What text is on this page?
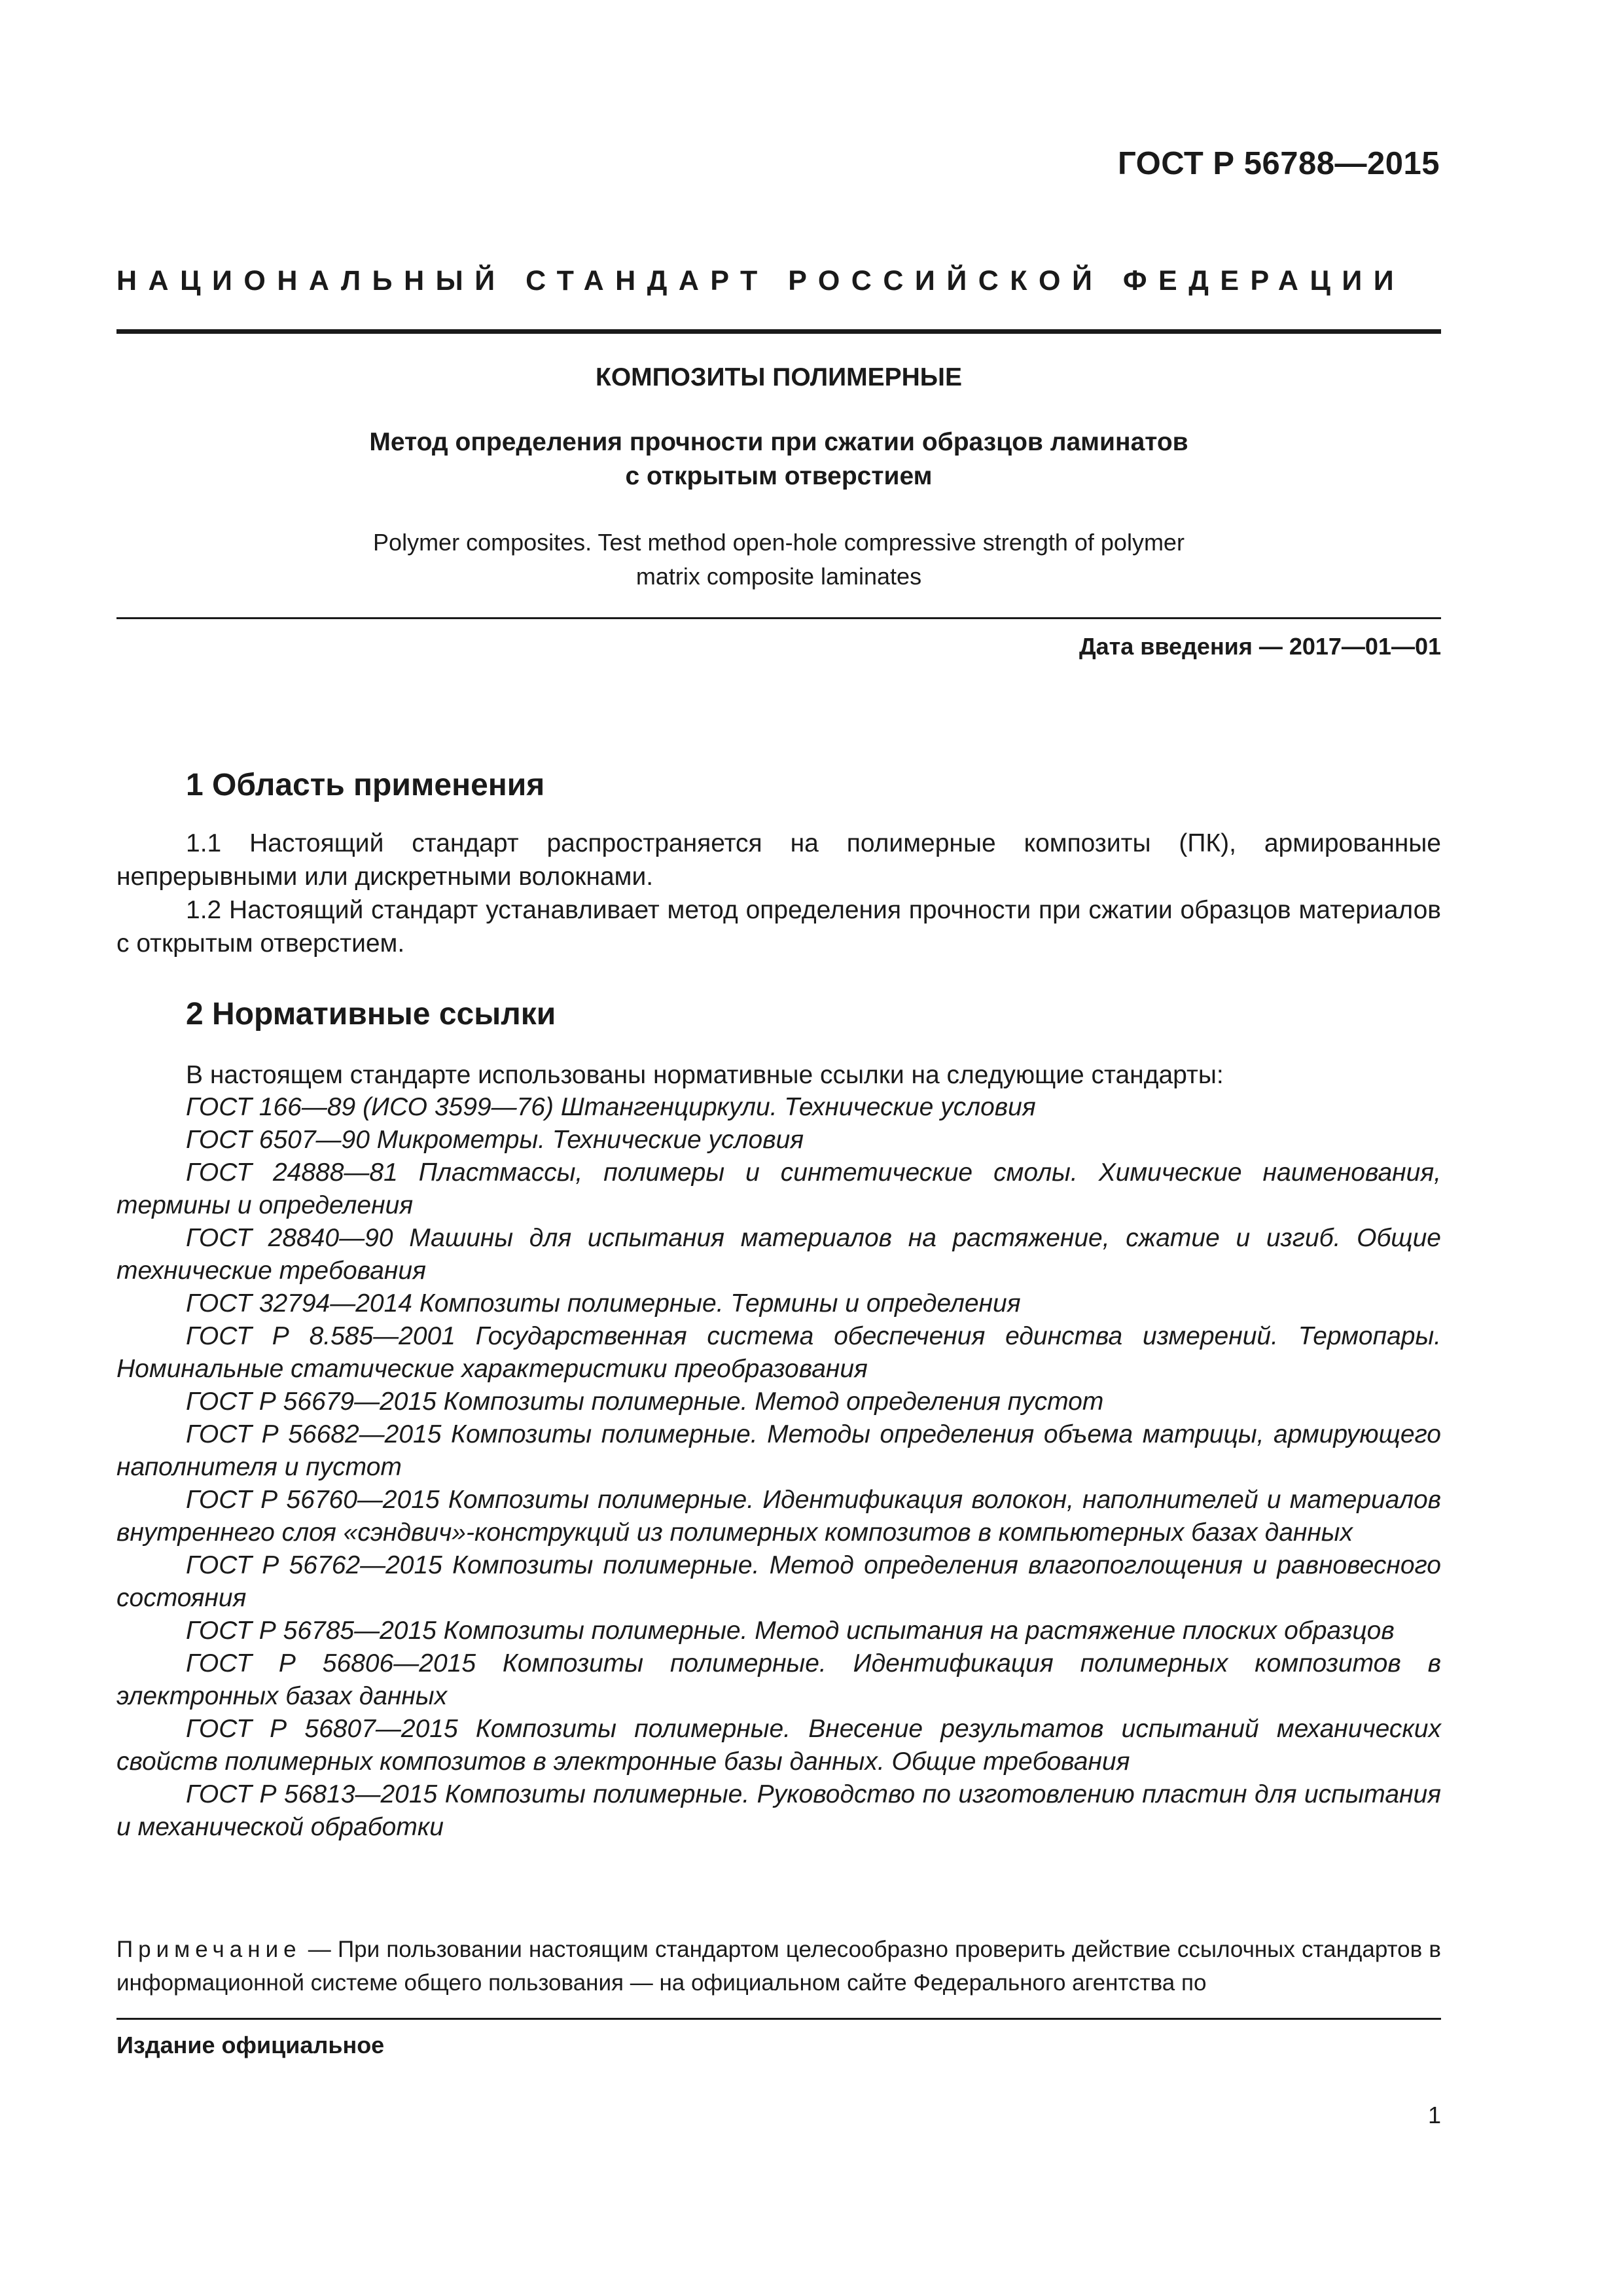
ГОСТ Р 56788—2015
НАЦИОНАЛЬНЫЙ СТАНДАРТ РОССИЙСКОЙ ФЕДЕРАЦИИ
КОМПОЗИТЫ ПОЛИМЕРНЫЕ
Метод определения прочности при сжатии образцов ламинатов
с открытым отверстием
Polymer composites. Test method open-hole compressive strength of polymer
matrix composite laminates
Дата введения — 2017—01—01
1 Область применения

1.1 Настоящий стандарт распространяется на полимерные композиты (ПК), армированные непрерывными или дискретными волокнами.

1.2 Настоящий стандарт устанавливает метод определения прочности при сжатии образцов материалов с открытым отверстием.

2 Нормативные ссылки

В настоящем стандарте использованы нормативные ссылки на следующие стандарты:

ГОСТ 166—89 (ИСО 3599—76) Штангенциркули. Технические условия

ГОСТ 6507—90 Микрометры. Технические условия

ГОСТ 24888—81 Пластмассы, полимеры и синтетические смолы. Химические наименования, термины и определения

ГОСТ 28840—90 Машины для испытания материалов на растяжение, сжатие и изгиб. Общие технические требования

ГОСТ 32794—2014 Композиты полимерные. Термины и определения

ГОСТ Р 8.585—2001 Государственная система обеспечения единства измерений. Термопары. Номинальные статические характеристики преобразования

ГОСТ Р 56679—2015 Композиты полимерные. Метод определения пустот

ГОСТ Р 56682—2015 Композиты полимерные. Методы определения объема матрицы, армирующего наполнителя и пустот

ГОСТ Р 56760—2015 Композиты полимерные. Идентификация волокон, наполнителей и материалов внутреннего слоя «сэндвич»-конструкций из полимерных композитов в компьютерных базах данных

ГОСТ Р 56762—2015 Композиты полимерные. Метод определения влагопоглощения и равновесного состояния

ГОСТ Р 56785—2015 Композиты полимерные. Метод испытания на растяжение плоских образцов

ГОСТ Р 56806—2015 Композиты полимерные. Идентификация полимерных композитов в электронных базах данных

ГОСТ Р 56807—2015 Композиты полимерные. Внесение результатов испытаний механических свойств полимерных композитов в электронные базы данных. Общие требования

ГОСТ Р 56813—2015 Композиты полимерные. Руководство по изготовлению пластин для испытания и механической обработки

Примечание — При пользовании настоящим стандартом целесообразно проверить действие ссылочных стандартов в информационной системе общего пользования — на официальном сайте Федерального агентства по

Издание официальное
1
